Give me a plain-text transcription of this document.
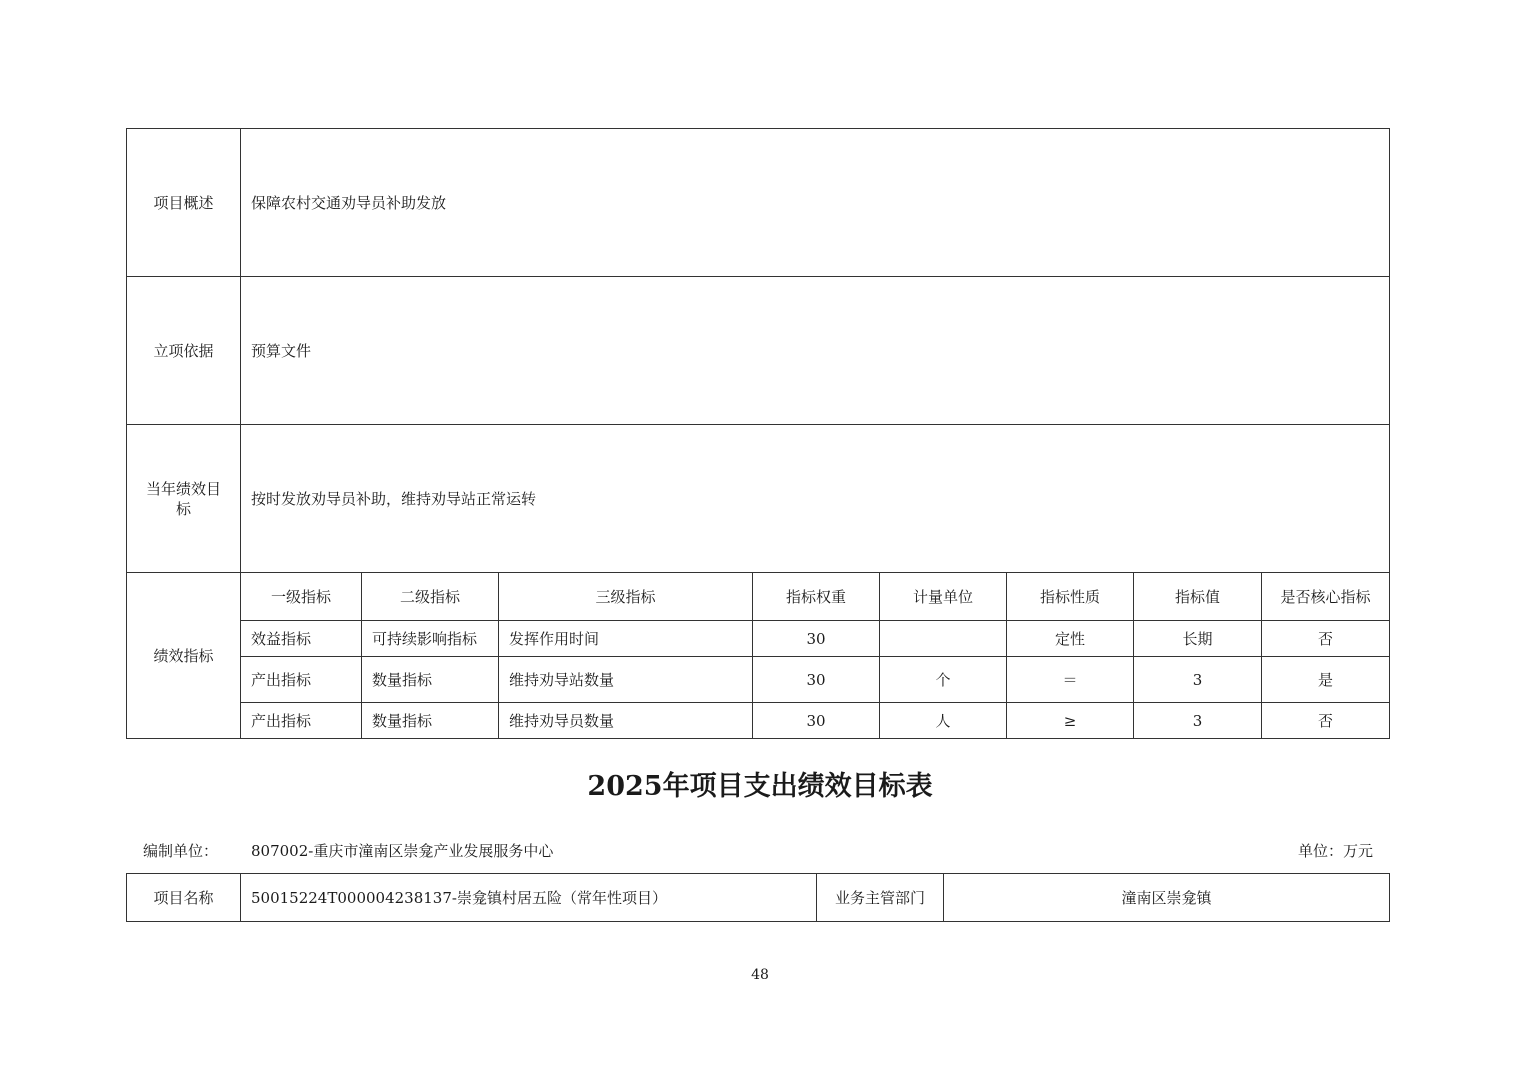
项目概述	保障农村交通劝导员补助发放							
立项依据	预算文件							
当年绩效目标	按时发放劝导员补助，维持劝导站正常运转							
绩效指标	一级指标	二级指标	三级指标	指标权重	计量单位	指标性质	指标值	是否核心指标
	效益指标	可持续影响指标	发挥作用时间	30		定性	长期	否
	产出指标	数量指标	维持劝导站数量	30	个	＝	3	是
	产出指标	数量指标	维持劝导员数量	30	人	≥	3	否
2025年项目支出绩效目标表
编制单位： 807002-重庆市潼南区崇龛产业发展服务中心	单位：万元
项目名称	50015224T000004238137-崇龛镇村居五险（常年性项目）	业务主管部门	潼南区崇龛镇
48
